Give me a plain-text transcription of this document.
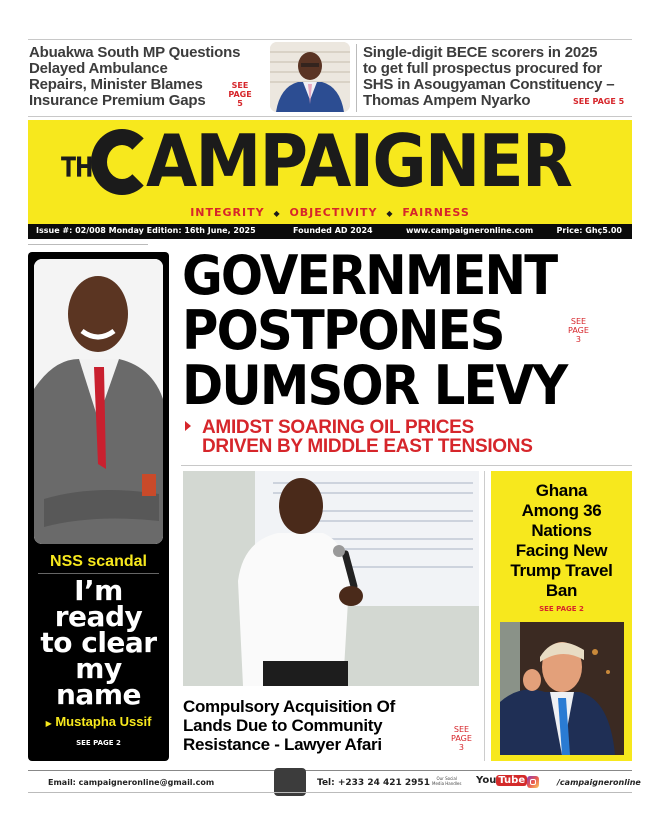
Abuakwa South MP Questions
Delayed Ambulance
Repairs, Minister Blames
Insurance Premium Gaps
SEE
PAGE
5
Single-digit BECE scorers in 2025
to get full prospectus procured for
SHS in Asougyaman Constituency –
Thomas Ampem Nyarko	SEE PAGE 5
THE AMPAIGNER
INTEGRITY ◆ OBJECTIVITY ◆ FAIRNESS
Issue #: 02/008 Monday Edition: 16th June, 2025	Founded AD 2024	www.campaigneronline.com	Price: Ghç5.00
NSS scandal
I’m
ready
to clear
my
name
▶ Mustapha Ussif
SEE PAGE 2
GOVERNMENT
POSTPONES
DUMSOR LEVY
SEE
PAGE
3
AMIDST SOARING OIL PRICES
DRIVEN BY MIDDLE EAST TENSIONS
Compulsory Acquisition Of
Lands Due to Community
Resistance - Lawyer Afari
SEE
PAGE
3
Ghana
Among 36
Nations
Facing New
Trump Travel
Ban
SEE PAGE 2
Email: campaigneronline@gmail.com	Tel: +233 24 421 2951	Our Social
Media Handles You Tube	/campaigneronline
